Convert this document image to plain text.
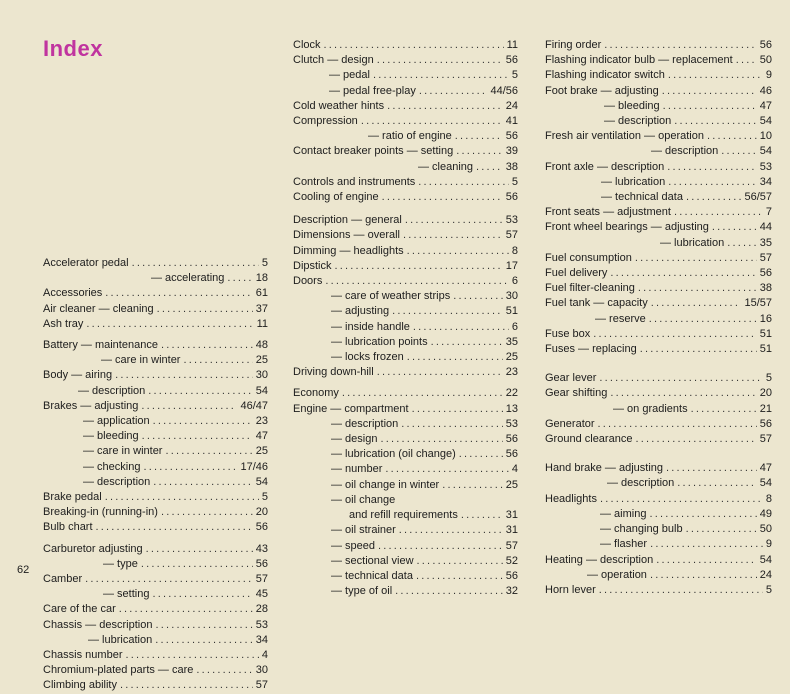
Index
62
Accelerator pedal .....	5
— accelerating .....	18
Accessories .....	61
Air cleaner — cleaning .....	37
Ash tray .....	11
Battery — maintenance .....	48
— care in winter .....	25
Body — airing .....	30
— description .....	54
Brakes — adjusting .....	46/47
— application .....	23
— bleeding .....	47
— care in winter .....	25
— checking .....	17/46
— description .....	54
Brake pedal .....	5
Breaking-in (running-in) .....	20
Bulb chart .....	56
Carburetor adjusting .....	43
— type .....	56
Camber .....	57
— setting .....	45
Care of the car .....	28
Chassis — description .....	53
— lubrication .....	34
Chassis number .....	4
Chromium-plated parts — care .....	30
Climbing ability .....	57
Clock .....	11
Clutch — design .....	56
— pedal .....	5
— pedal free-play .....	44/56
Cold weather hints .....	24
Compression .....	41
— ratio of engine .....	56
Contact breaker points — setting .....	39
— cleaning .....	38
Controls and instruments .....	5
Cooling of engine .....	56
Description — general .....	53
Dimensions — overall .....	57
Dimming — headlights .....	8
Dipstick .....	17
Doors .....	6
— care of weather strips .....	30
— adjusting .....	51
— inside handle .....	6
— lubrication points .....	35
— locks frozen .....	25
Driving down-hill .....	23
Economy .....	22
Engine — compartment .....	13
— description .....	53
— design .....	56
— lubrication (oil change) .....	56
— number .....	4
— oil change in winter .....	25
— oil change
and refill requirements .....	31
— oil strainer .....	31
— speed .....	57
— sectional view .....	52
— technical data .....	56
— type of oil .....	32
Firing order .....	56
Flashing indicator bulb — replacement ..... 50
Flashing indicator switch .....	9
Foot brake — adjusting .....	46
— bleeding .....	47
— description .....	54
Fresh air ventilation — operation .....	10
— description .....	54
Front axle — description .....	53
— lubrication .....	34
— technical data .....	56/57
Front seats — adjustment .....	7
Front wheel bearings — adjusting .....	44
— lubrication .....	35
Fuel consumption .....	57
Fuel delivery .....	56
Fuel filter-cleaning .....	38
Fuel tank — capacity .....	15/57
— reserve .....	16
Fuse box .....	51
Fuses — replacing .....	51
Gear lever .....	5
Gear shifting .....	20
— on gradients .....	21
Generator .....	56
Ground clearance .....	57
Hand brake — adjusting .....	47
— description .....	54
Headlights .....	8
— aiming .....	49
— changing bulb .....	50
— flasher .....	9
Heating — description .....	54
— operation .....	24
Horn lever .....	5
